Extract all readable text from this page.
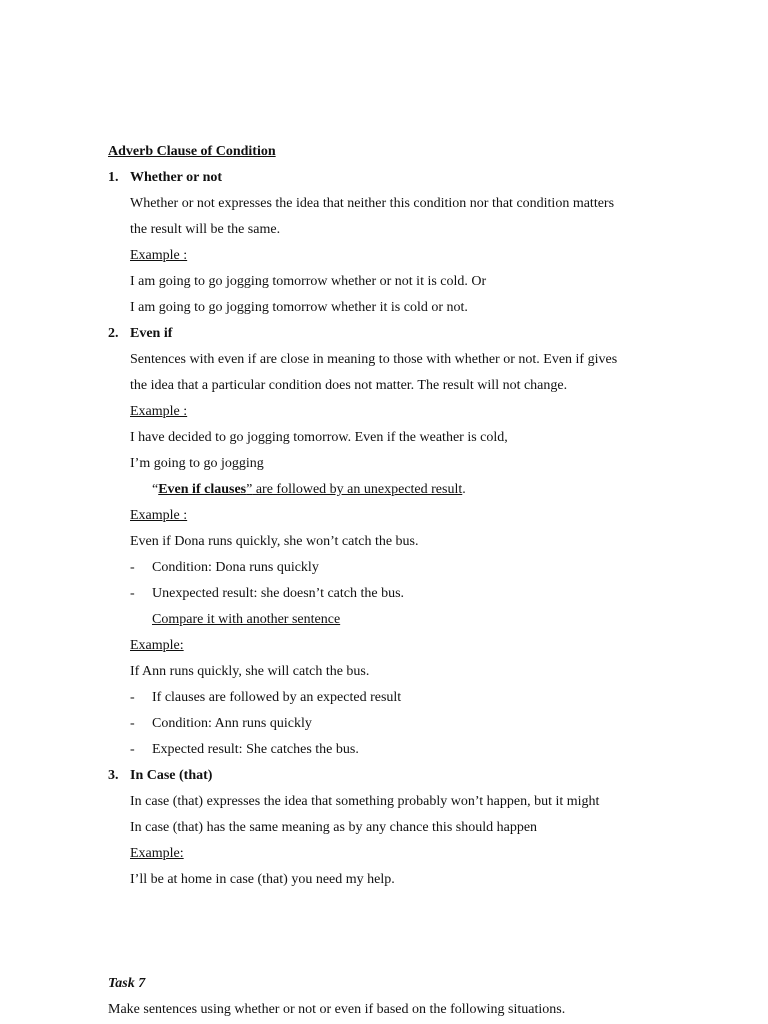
Adverb Clause of Condition
1. Whether or not
Whether or not expresses the idea that neither this condition nor that condition matters
the result will be the same.
Example :
I am going to go jogging tomorrow whether or not it is cold. Or
I am going to go jogging tomorrow whether it is cold or not.
2. Even if
Sentences with even if are close in meaning to those with whether or not. Even if gives
the idea that a particular condition does not matter. The result will not change.
Example :
I have decided to go jogging tomorrow. Even if the weather is cold,
I’m going to go jogging
“Even if clauses” are followed by an unexpected result.
Example :
Even if Dona runs quickly, she won’t catch the bus.
- Condition: Dona runs quickly
- Unexpected result: she doesn’t catch the bus.
Compare it with another sentence
Example:
If Ann runs quickly, she will catch the bus.
- If clauses are followed by an expected result
- Condition: Ann runs quickly
- Expected result: She catches the bus.
3. In Case (that)
In case (that) expresses the idea that something probably won’t happen, but it might
In case (that) has the same meaning as by any chance this should happen
Example:
I’ll be at home in case (that) you need my help.
Task 7
Make sentences using whether or not or even if based on the following situations.
